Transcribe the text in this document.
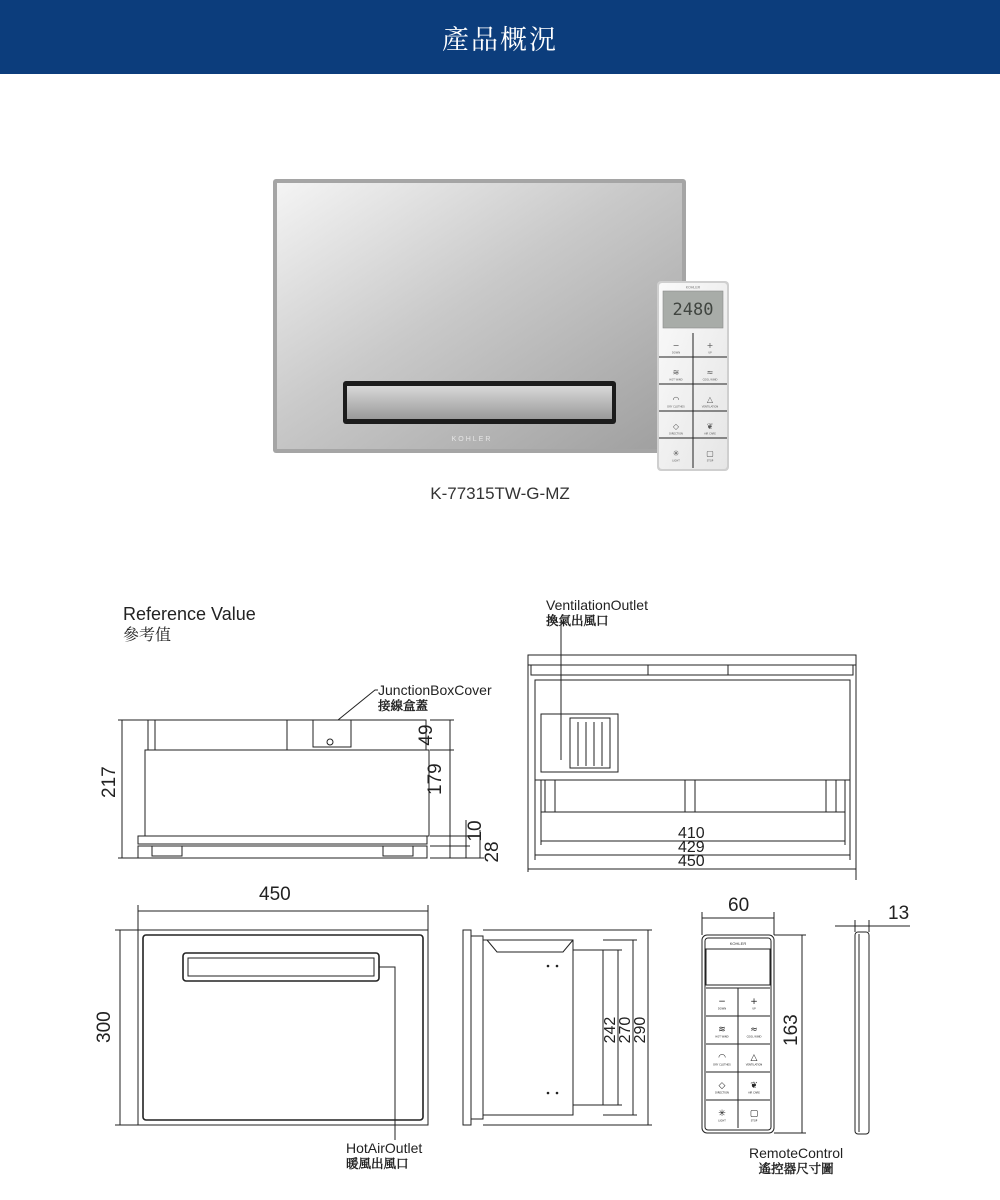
產品概況
KOHLER
2480
KOHLER
−
DOWN
+
UP
≋
HOT WIND
≈
COOL WIND
◠
DRY CLOTHES
△
VENTILATION
◇
DIRECTION
❦
AIR CARE
✳
LIGHT
▢
STOP
KOHLER
−
DOWN
+
UP
≋
HOT WIND
≈
COOL WIND
◠
DRY CLOTHES
△
VENTILATION
◇
DIRECTION
❦
AIR CARE
✳
LIGHT
▢
STOP
K-77315TW-G-MZ
Reference Value
參考值
VentilationOutlet
換氣出風口
JunctionBoxCover
接線盒蓋
HotAirOutlet
暖風出風口
RemoteControl
遙控器尺寸圖
217
49
179
10
28
410
429
450
450
300	242
270
290
60
163
13
